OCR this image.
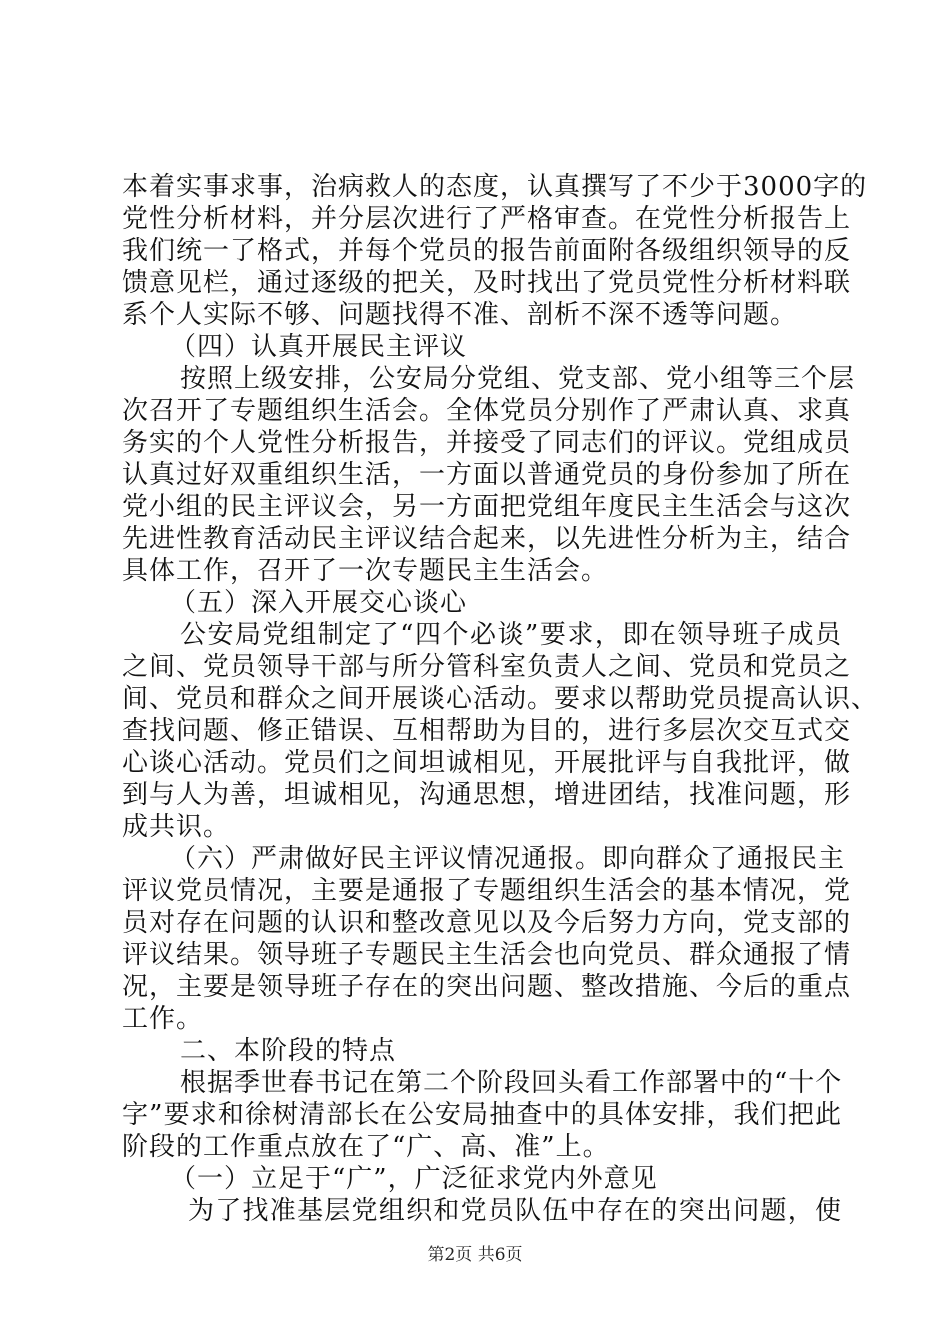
本着实事求事，治病救人的态度，认真撰写了不少于3000字的
党性分析材料，并分层次进行了严格审查。在党性分析报告上
我们统一了格式，并每个党员的报告前面附各级组织领导的反
馈意见栏，通过逐级的把关，及时找出了党员党性分析材料联
系个人实际不够、问题找得不准、剖析不深不透等问题。
（四）认真开展民主评议
按照上级安排，公安局分党组、党支部、党小组等三个层
次召开了专题组织生活会。全体党员分别作了严肃认真、求真
务实的个人党性分析报告，并接受了同志们的评议。党组成员
认真过好双重组织生活，一方面以普通党员的身份参加了所在
党小组的民主评议会，另一方面把党组年度民主生活会与这次
先进性教育活动民主评议结合起来，以先进性分析为主，结合
具体工作，召开了一次专题民主生活会。
（五）深入开展交心谈心
公安局党组制定了“四个必谈”要求，即在领导班子成员
之间、党员领导干部与所分管科室负责人之间、党员和党员之
间、党员和群众之间开展谈心活动。要求以帮助党员提高认识、
查找问题、修正错误、互相帮助为目的，进行多层次交互式交
心谈心活动。党员们之间坦诚相见，开展批评与自我批评，做
到与人为善，坦诚相见，沟通思想，增进团结，找准问题，形
成共识。
（六）严肃做好民主评议情况通报。即向群众了通报民主
评议党员情况，主要是通报了专题组织生活会的基本情况，党
员对存在问题的认识和整改意见以及今后努力方向，党支部的
评议结果。领导班子专题民主生活会也向党员、群众通报了情
况，主要是领导班子存在的突出问题、整改措施、今后的重点
工作。
二、本阶段的特点
根据季世春书记在第二个阶段回头看工作部署中的“十个
字”要求和徐树清部长在公安局抽查中的具体安排，我们把此
阶段的工作重点放在了“广、高、准”上。
（一）立足于“广”，广泛征求党内外意见
为了找准基层党组织和党员队伍中存在的突出问题，使
第2页 共6页
